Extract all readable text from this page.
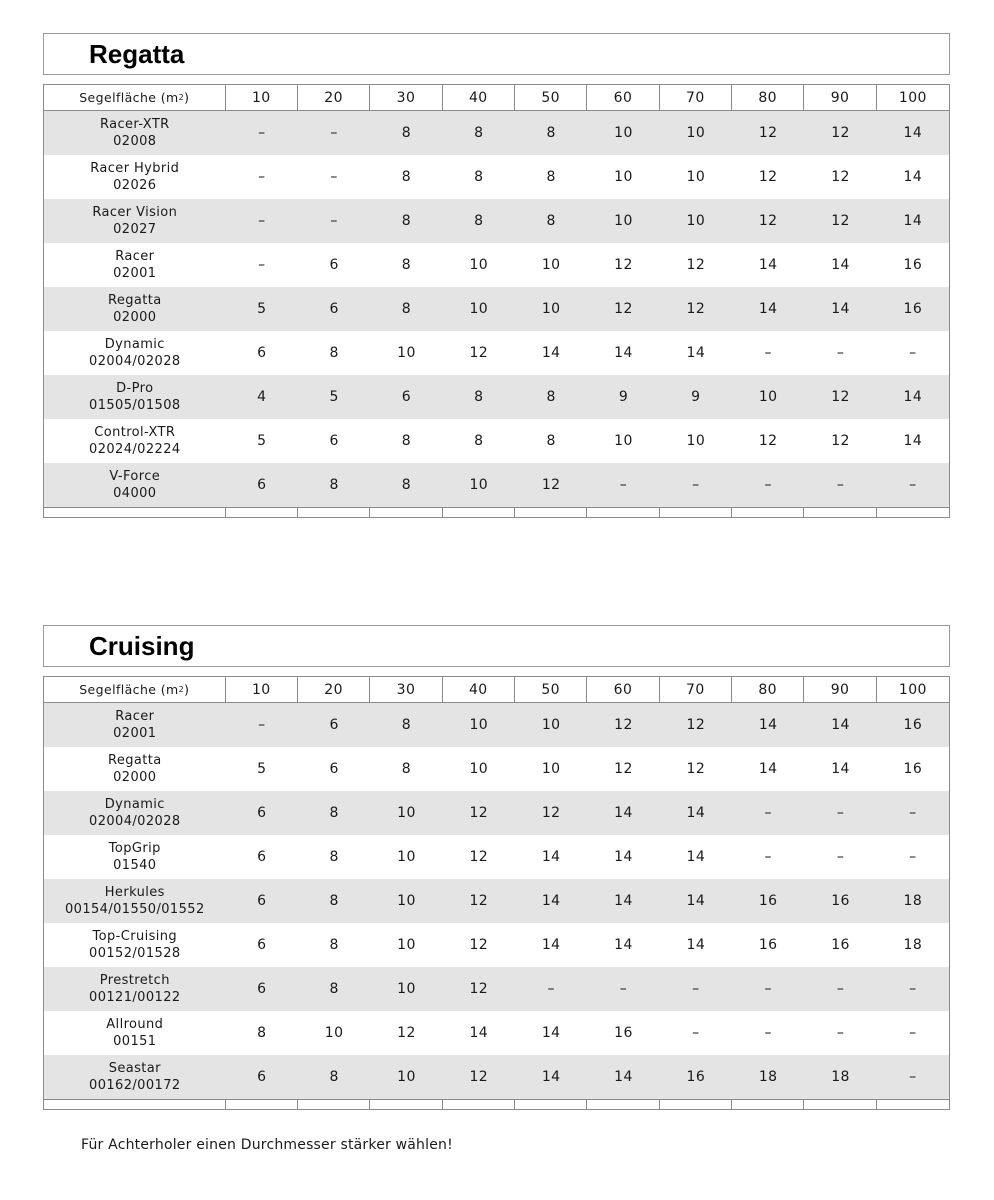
Regatta
Segelfläche (m 2 )	10	20	30	40	50	60	70	80	90	100
Racer-XTR
02008
–	–	8	8	8	10	10	12	12	14
Racer Hybrid
02026
–	–	8	8	8	10	10	12	12	14
Racer Vision
02027
–	–	8	8	8	10	10	12	12	14
Racer
02001
–	6	8	10	10	12	12	14	14	16
Regatta
02000
5	6	8	10	10	12	12	14	14	16
Dynamic
02004/02028
6	8	10	12	14	14	14	–	–	–
D-Pro
01505/01508
4	5	6	8	8	9	9	10	12	14
Control-XTR
02024/02224
5	6	8	8	8	10	10	12	12	14
V-Force
04000
6	8	8	10	12	–	–	–	–	–
Cruising
Segelfläche (m 2 )	10	20	30	40	50	60	70	80	90	100
Racer
02001
–	6	8	10	10	12	12	14	14	16
Regatta
02000
5	6	8	10	10	12	12	14	14	16
Dynamic
02004/02028
6	8	10	12	12	14	14	–	–	–
TopGrip
01540
6	8	10	12	14	14	14	–	–	–
Herkules
00154/01550/01552
6	8	10	12	14	14	14	16	16	18
Top-Cruising
00152/01528
6	8	10	12	14	14	14	16	16	18
Prestretch
00121/00122
6	8	10	12	–	–	–	–	–	–
Allround
00151
8	10	12	14	14	16	–	–	–	–
Seastar
00162/00172
6	8	10	12	14	14	16	18	18	–
Für Achterholer einen Durchmesser stärker wählen!
